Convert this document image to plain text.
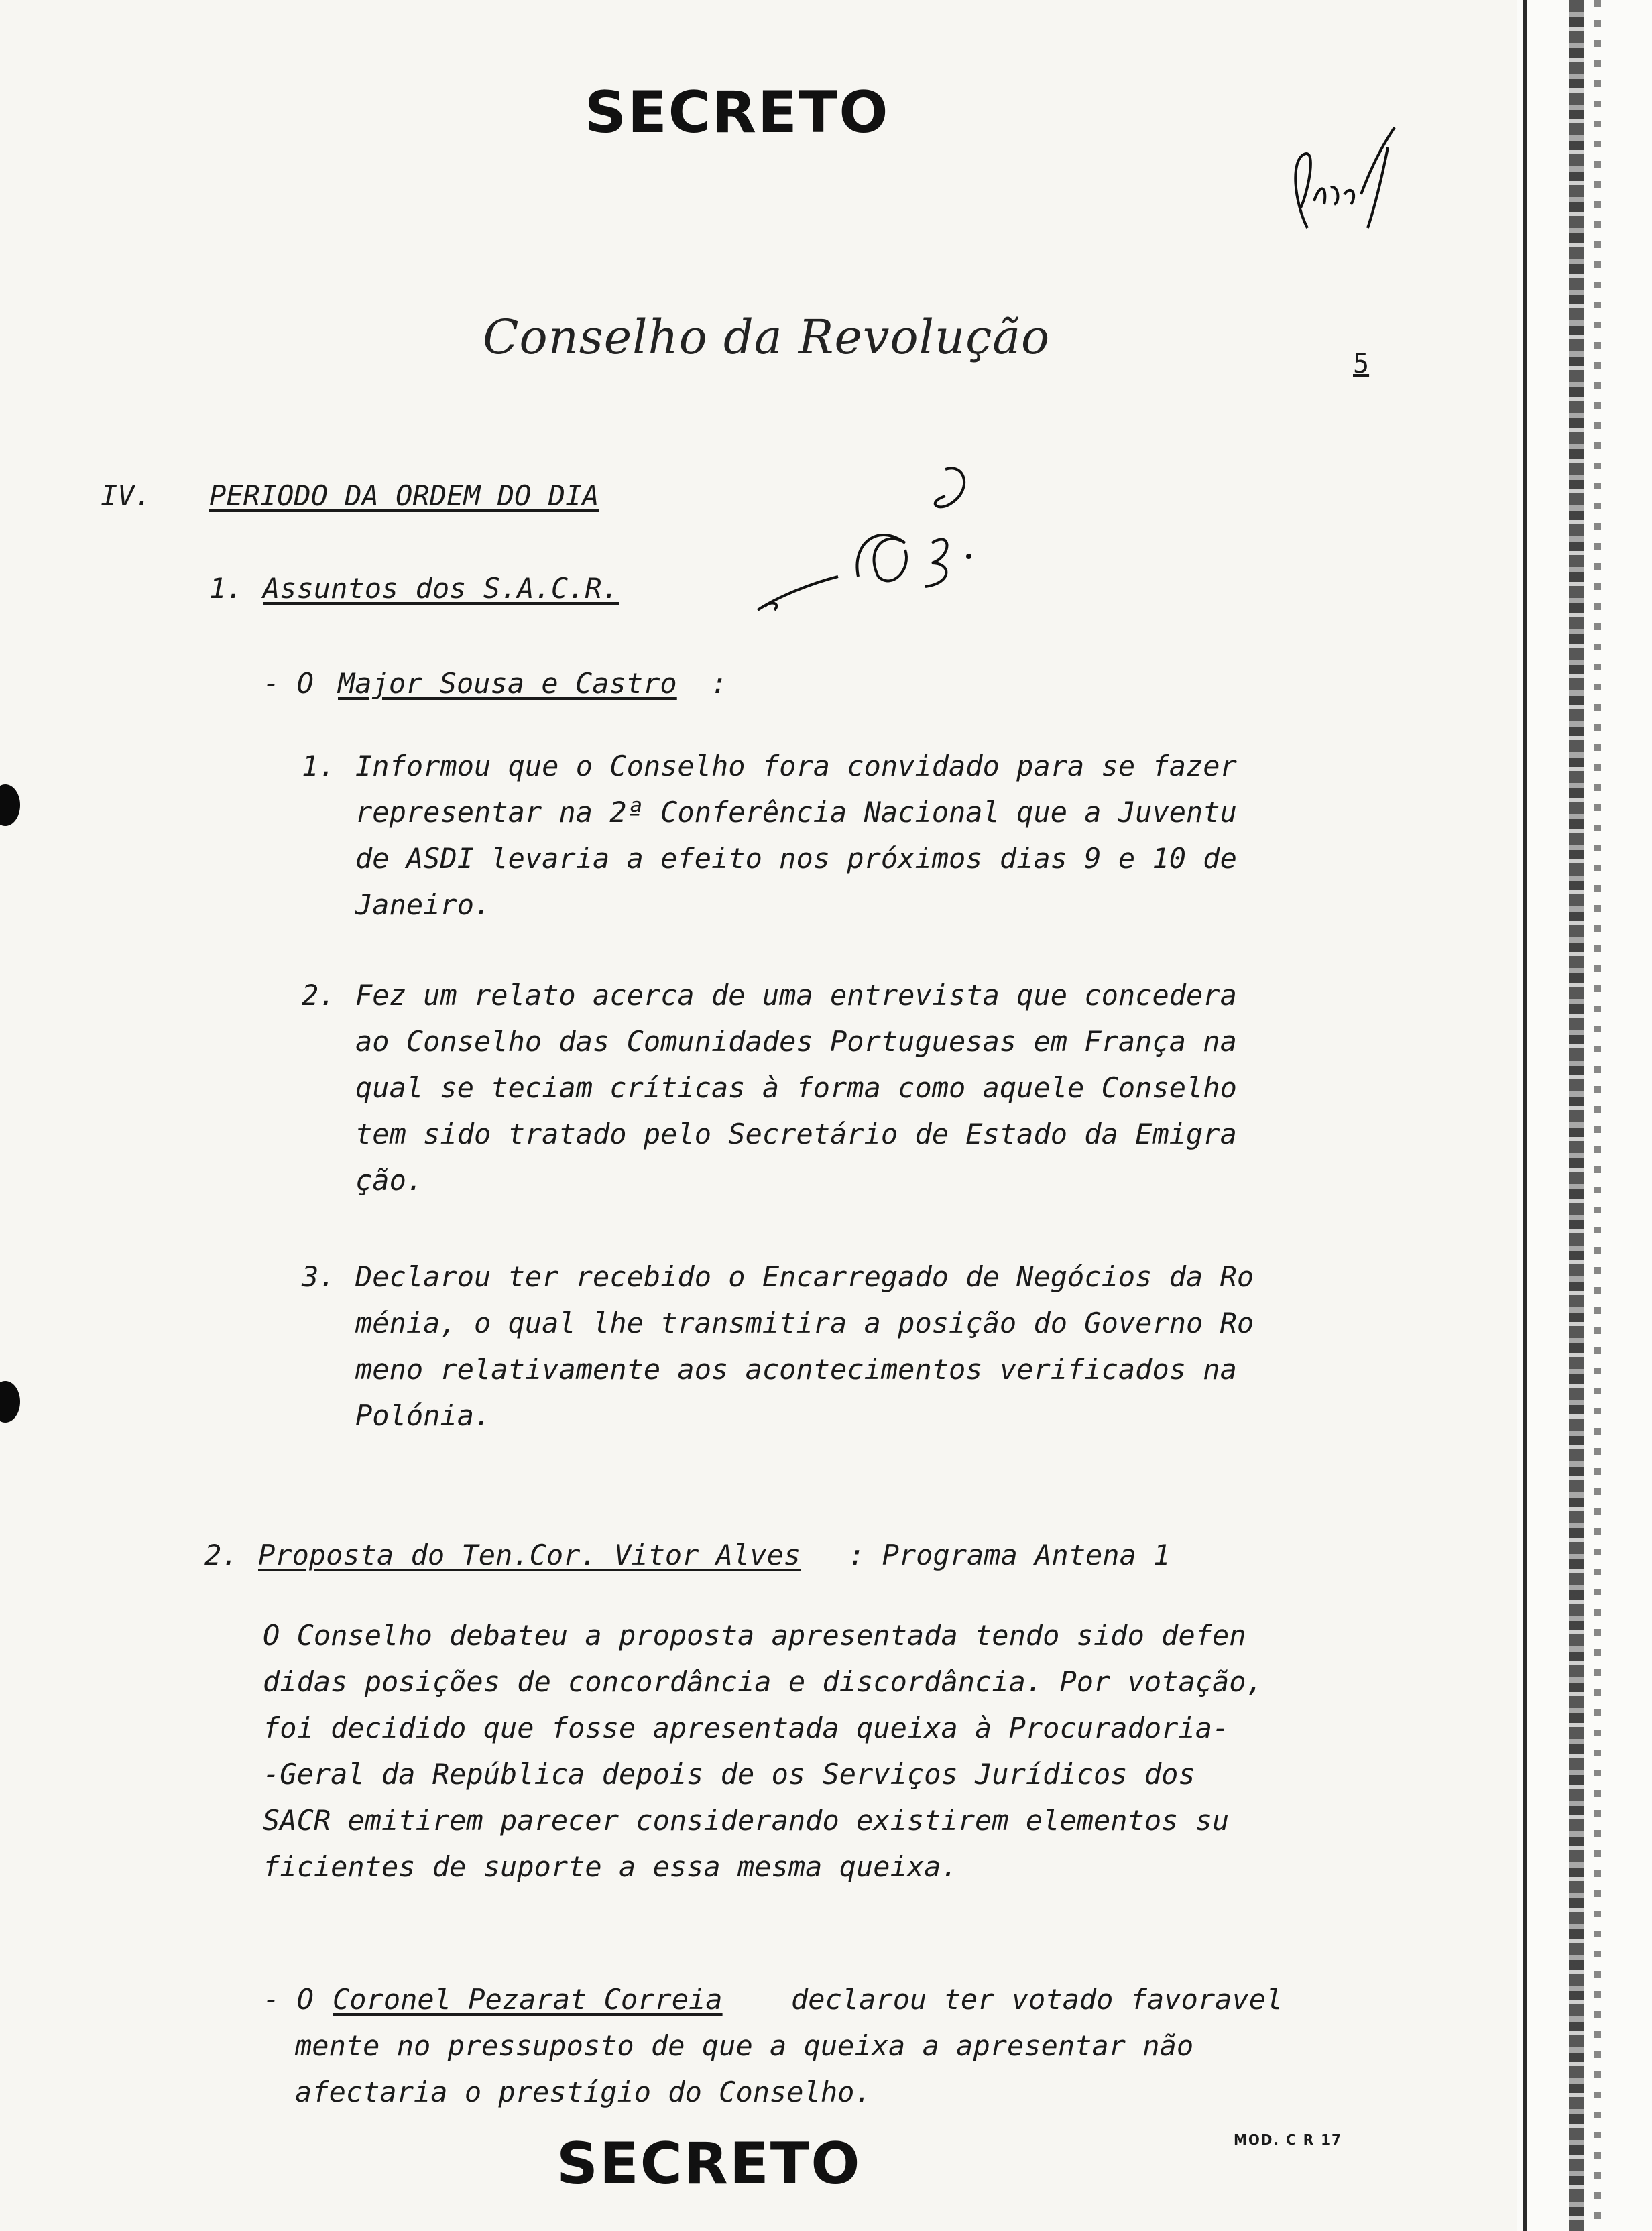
SECRETO
Conselho da Revolução	5
IV. PERIODO DA ORDEM DO DIA
1. Assuntos dos S.A.C.R.
- O Major Sousa e Castro :
1. Informou que o Conselho fora convidado para se fazer
representar na 2ª Conferência Nacional que a Juventu
de ASDI levaria a efeito nos próximos dias 9 e 10 de
Janeiro.
2. Fez um relato acerca de uma entrevista que concedera
ao Conselho das Comunidades Portuguesas em França na
qual se teciam críticas à forma como aquele Conselho
tem sido tratado pelo Secretário de Estado da Emigra
ção.
3. Declarou ter recebido o Encarregado de Negócios da Ro
ménia, o qual lhe transmitira a posição do Governo Ro
meno relativamente aos acontecimentos verificados na
Polónia.
2. Proposta do Ten.Cor. Vitor Alves : Programa Antena 1
O Conselho debateu a proposta apresentada tendo sido defen
didas posições de concordância e discordância. Por votação,
foi decidido que fosse apresentada queixa à Procuradoria-
-Geral da República depois de os Serviços Jurídicos dos
SACR emitirem parecer considerando existirem elementos su
ficientes de suporte a essa mesma queixa.
- O Coronel Pezarat Correia declarou ter votado favoravel
mente no pressuposto de que a queixa a apresentar não
afectaria o prestígio do Conselho.
SECRETO	MOD. C R 17
